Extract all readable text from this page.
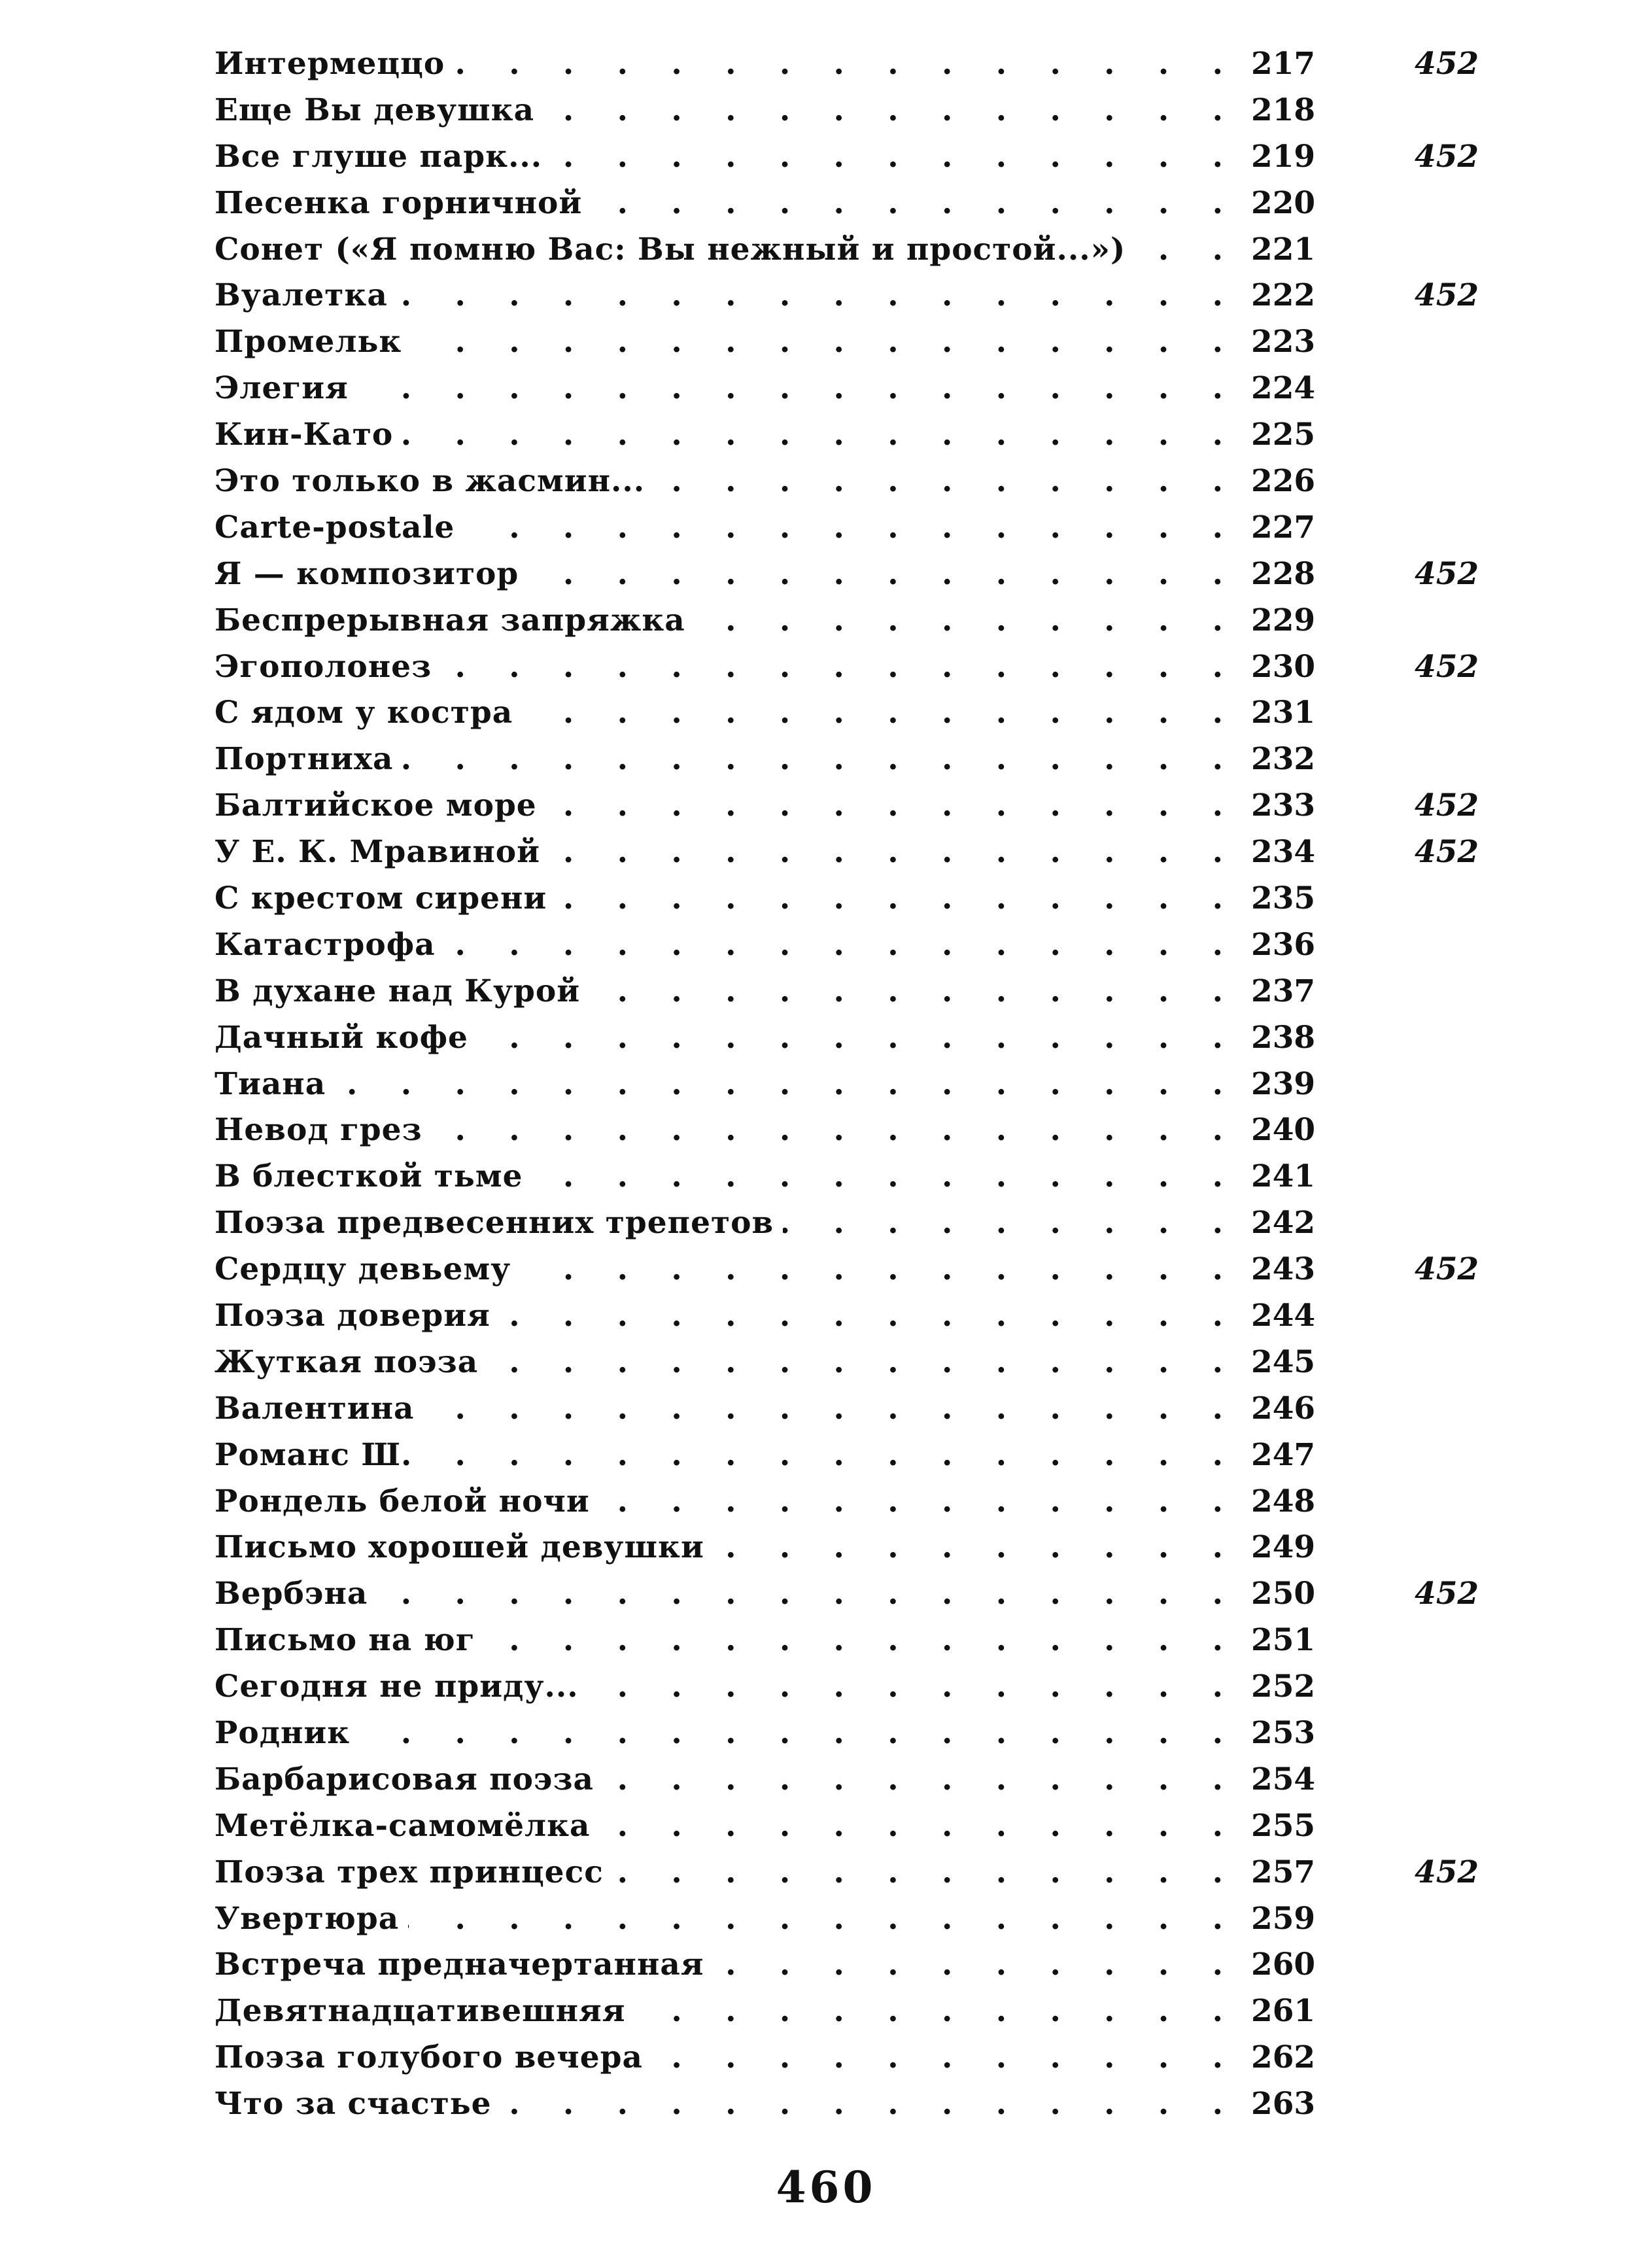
Интермеццо . . .	217	452
Еще Вы девушка . . .	218
Все глуше парк... . . .	219	452
Песенка горничной . . .	220
Сонет («Я помню Вас: Вы нежный и простой...») . . .	221
Вуалетка . . .	222	452
Промельк . . .	223
Элегия . . .	224
Кин-Като . . .	225
Это только в жасмин... . . .	226
Carte-postale . . .	227
Я — композитор . . .	228	452
Беспрерывная запряжка . . .	229
Эгополонез . . .	230	452
С ядом у костра . . .	231
Портниха . . .	232
Балтийское море . . .	233	452
У Е. К. Мравиной . . .	234	452
С крестом сирени . . .	235
Катастрофа . . .	236
В духане над Курой . . .	237
Дачный кофе . . .	238
Тиана . . .	239
Невод грез . . .	240
В блесткой тьме . . .	241
Поэза предвесенних трепетов . . .	242
Сердцу девьему . . .	243	452
Поэза доверия . . .	244
Жуткая поэза . . .	245
Валентина . . .	246
Романс Ш. . . .	247
Рондель белой ночи . . .	248
Письмо хорошей девушки . . .	249
Вербэна . . .	250	452
Письмо на юг . . .	251
Сегодня не приду... . . .	252
Родник . . .	253
Барбарисовая поэза . . .	254
Метёлка-самомёлка . . .	255
Поэза трех принцесс . . .	257	452
Увертюра . . .	259
Встреча предначертанная . . .	260
Девятнадцативешняя . . .	261
Поэза голубого вечера . . .	262
Что за счастье . . .	263
460
